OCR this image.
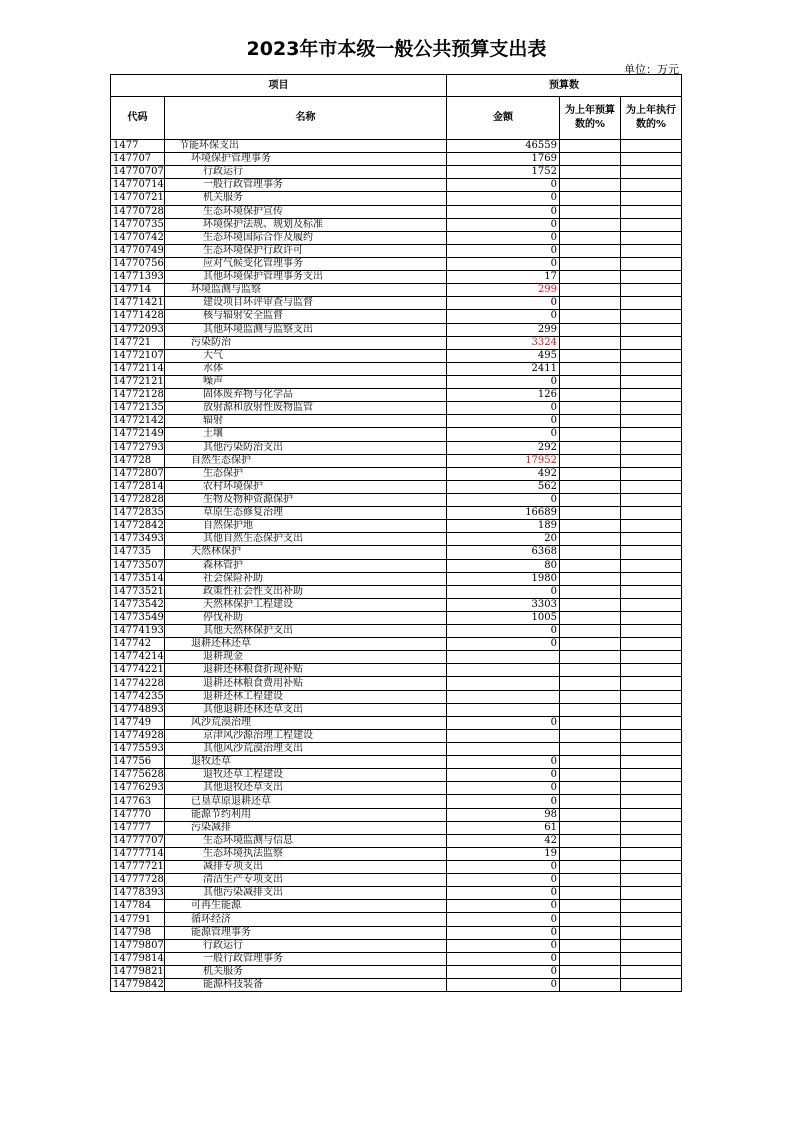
2023年市本级一般公共预算支出表
单位：万元
项目		预算数		
代码	名称	金额	为上年预算数的%	为上年执行数的%
1477	节能环保支出	46559		
147707	环境保护管理事务	1769		
14770707	行政运行	1752		
14770714	一般行政管理事务	0		
14770721	机关服务	0		
14770728	生态环境保护宣传	0		
14770735	环境保护法规、规划及标准	0		
14770742	生态环境国际合作及履约	0		
14770749	生态环境保护行政许可	0		
14770756	应对气候变化管理事务	0		
14771393	其他环境保护管理事务支出	17		
147714	环境监测与监察	299		
14771421	建设项目环评审查与监督	0		
14771428	核与辐射安全监督	0		
14772093	其他环境监测与监察支出	299		
147721	污染防治	3324		
14772107	大气	495		
14772114	水体	2411		
14772121	噪声	0		
14772128	固体废弃物与化学品	126		
14772135	放射源和放射性废物监管	0		
14772142	辐射	0		
14772149	土壤	0		
14772793	其他污染防治支出	292		
147728	自然生态保护	17952		
14772807	生态保护	492		
14772814	农村环境保护	562		
14772828	生物及物种资源保护	0		
14772835	草原生态修复治理	16689		
14772842	自然保护地	189		
14773493	其他自然生态保护支出	20		
147735	天然林保护	6368		
14773507	森林管护	80		
14773514	社会保险补助	1980		
14773521	政策性社会性支出补助	0		
14773542	天然林保护工程建设	3303		
14773549	停伐补助	1005		
14774193	其他天然林保护支出	0		
147742	退耕还林还草	0		
14774214	退耕现金			
14774221	退耕还林粮食折现补贴			
14774228	退耕还林粮食费用补贴			
14774235	退耕还林工程建设			
14774893	其他退耕还林还草支出			
147749	风沙荒漠治理	0		
14774928	京津风沙源治理工程建设			
14775593	其他风沙荒漠治理支出			
147756	退牧还草	0		
14775628	退牧还草工程建设	0		
14776293	其他退牧还草支出	0		
147763	已垦草原退耕还草	0		
147770	能源节约利用	98		
147777	污染减排	61		
14777707	生态环境监测与信息	42		
14777714	生态环境执法监察	19		
14777721	减排专项支出	0		
14777728	清洁生产专项支出	0		
14778393	其他污染减排支出	0		
147784	可再生能源	0		
147791	循环经济	0		
147798	能源管理事务	0		
14779807	行政运行	0		
14779814	一般行政管理事务	0		
14779821	机关服务	0		
14779842	能源科技装备	0		
